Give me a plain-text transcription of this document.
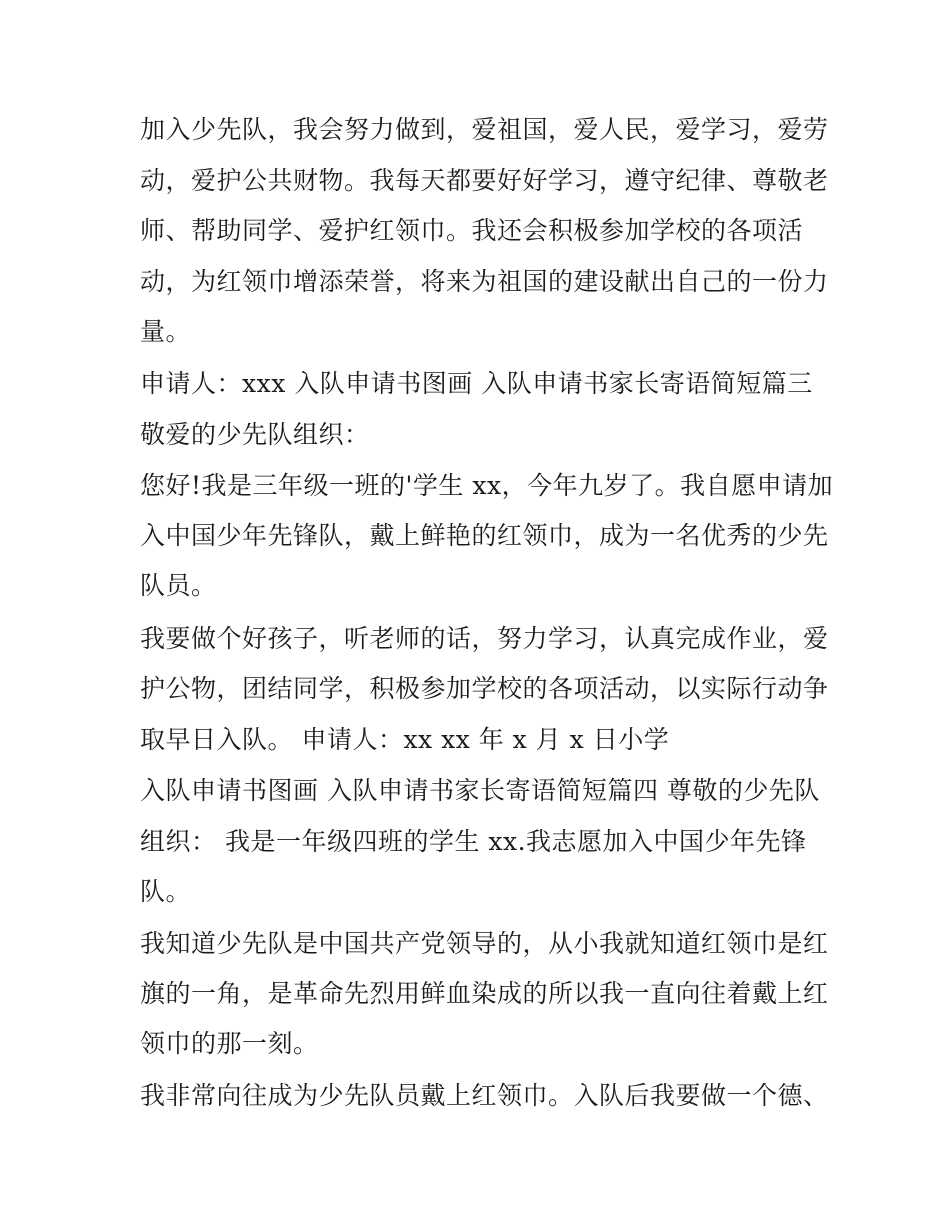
加入少先队，我会努力做到，爱祖国，爱人民，爱学习，爱劳
动，爱护公共财物。我每天都要好好学习，遵守纪律、尊敬老
师、帮助同学、爱护红领巾。我还会积极参加学校的各项活
动，为红领巾增添荣誉，将来为祖国的建设献出自己的一份力
量。
申请人：xxx 入队申请书图画 入队申请书家长寄语简短篇三
敬爱的少先队组织：
您好!我是三年级一班的'学生 xx，今年九岁了。我自愿申请加
入中国少年先锋队，戴上鲜艳的红领巾，成为一名优秀的少先
队员。
我要做个好孩子，听老师的话，努力学习，认真完成作业，爱
护公物，团结同学，积极参加学校的各项活动，以实际行动争
取早日入队。 申请人：xx xx 年 x 月 x 日小学
入队申请书图画 入队申请书家长寄语简短篇四 尊敬的少先队
组织： 我是一年级四班的学生 xx.我志愿加入中国少年先锋
队。
我知道少先队是中国共产党领导的，从小我就知道红领巾是红
旗的一角，是革命先烈用鲜血染成的所以我一直向往着戴上红
领巾的那一刻。
我非常向往成为少先队员戴上红领巾。入队后我要做一个德、
